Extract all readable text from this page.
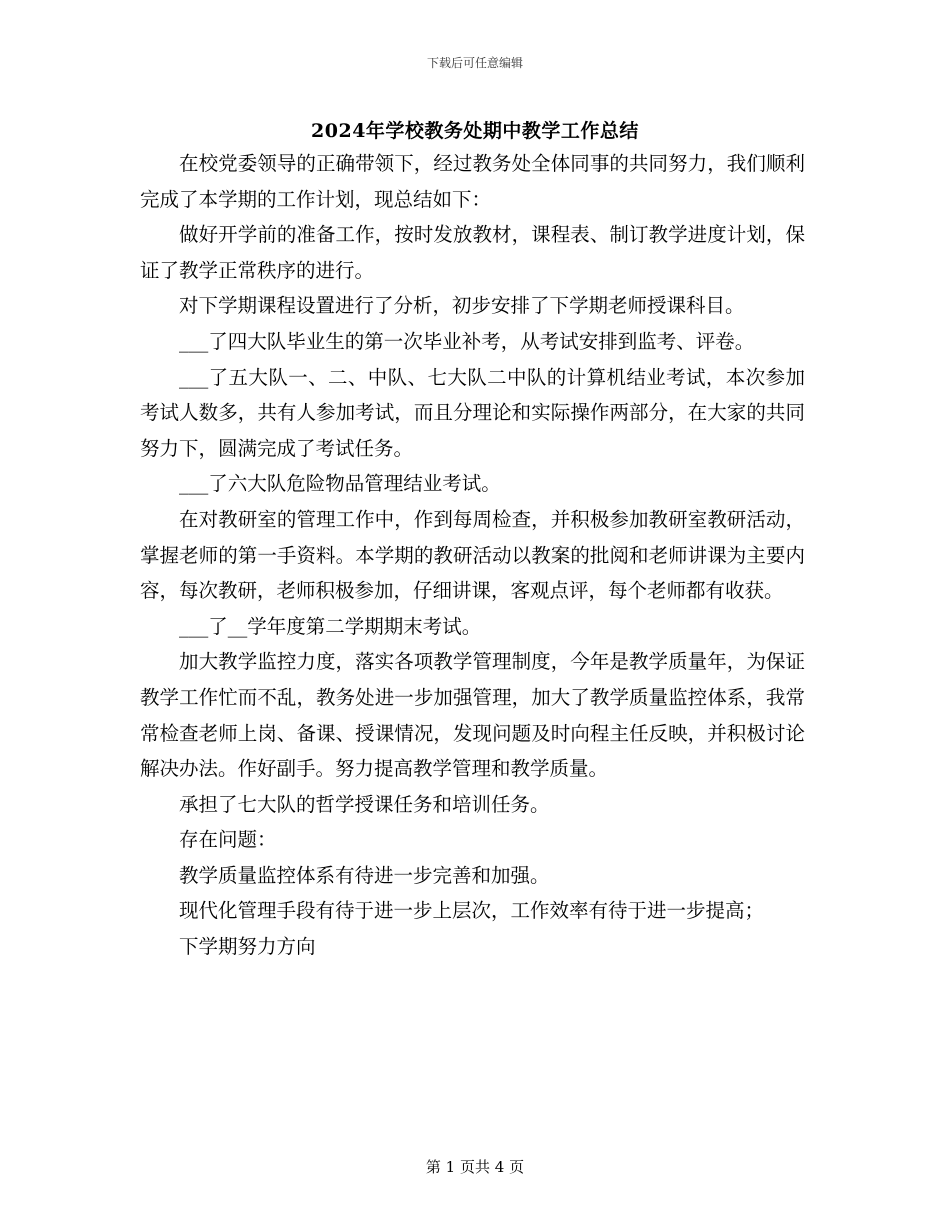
下载后可任意编辑
2024年学校教务处期中教学工作总结

在校党委领导的正确带领下，经过教务处全体同事的共同努力，我们顺利完成了本学期的工作计划，现总结如下：

做好开学前的准备工作，按时发放教材，课程表、制订教学进度计划，保证了教学正常秩序的进行。

对下学期课程设置进行了分析，初步安排了下学期老师授课科目。

___了四大队毕业生的第一次毕业补考，从考试安排到监考、评卷。

___了五大队一、二、中队、七大队二中队的计算机结业考试，本次参加考试人数多，共有人参加考试，而且分理论和实际操作两部分，在大家的共同努力下，圆满完成了考试任务。

___了六大队危险物品管理结业考试。

在对教研室的管理工作中，作到每周检查，并积极参加教研室教研活动，掌握老师的第一手资料。本学期的教研活动以教案的批阅和老师讲课为主要内容，每次教研，老师积极参加，仔细讲课，客观点评，每个老师都有收获。

___了__学年度第二学期期末考试。

加大教学监控力度，落实各项教学管理制度，今年是教学质量年，为保证教学工作忙而不乱，教务处进一步加强管理，加大了教学质量监控体系，我常常检查老师上岗、备课、授课情况，发现问题及时向程主任反映，并积极讨论解决办法。作好副手。努力提高教学管理和教学质量。

承担了七大队的哲学授课任务和培训任务。

存在问题：

教学质量监控体系有待进一步完善和加强。

现代化管理手段有待于进一步上层次，工作效率有待于进一步提高；

下学期努力方向

第 1 页共 4 页
